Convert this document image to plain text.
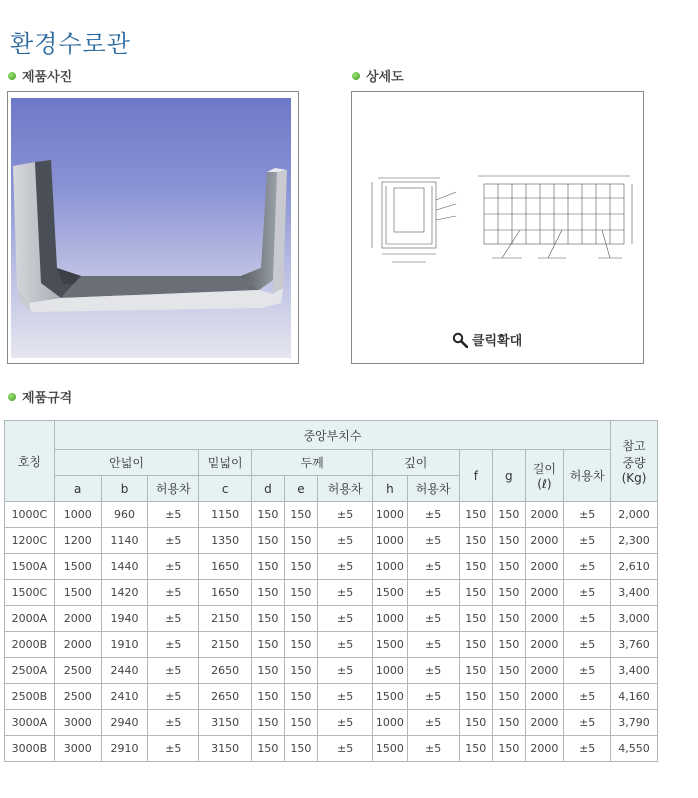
환경수로관
제품사진	상세도
클릭확대
제품규격
호칭	중앙부치수													참고
중량
(Kg)
	안넓이			밑넓이	두께			깊이		f	g	길이
(ℓ)	허용차	
	a	b	허용차	c	d	e	허용차	h	허용차					
1000C	1000	960	±5	1150	150	150	±5	1000	±5	150	150	2000	±5	2,000
1200C	1200	1140	±5	1350	150	150	±5	1000	±5	150	150	2000	±5	2,300
1500A	1500	1440	±5	1650	150	150	±5	1000	±5	150	150	2000	±5	2,610
1500C	1500	1420	±5	1650	150	150	±5	1500	±5	150	150	2000	±5	3,400
2000A	2000	1940	±5	2150	150	150	±5	1000	±5	150	150	2000	±5	3,000
2000B	2000	1910	±5	2150	150	150	±5	1500	±5	150	150	2000	±5	3,760
2500A	2500	2440	±5	2650	150	150	±5	1000	±5	150	150	2000	±5	3,400
2500B	2500	2410	±5	2650	150	150	±5	1500	±5	150	150	2000	±5	4,160
3000A	3000	2940	±5	3150	150	150	±5	1000	±5	150	150	2000	±5	3,790
3000B	3000	2910	±5	3150	150	150	±5	1500	±5	150	150	2000	±5	4,550
